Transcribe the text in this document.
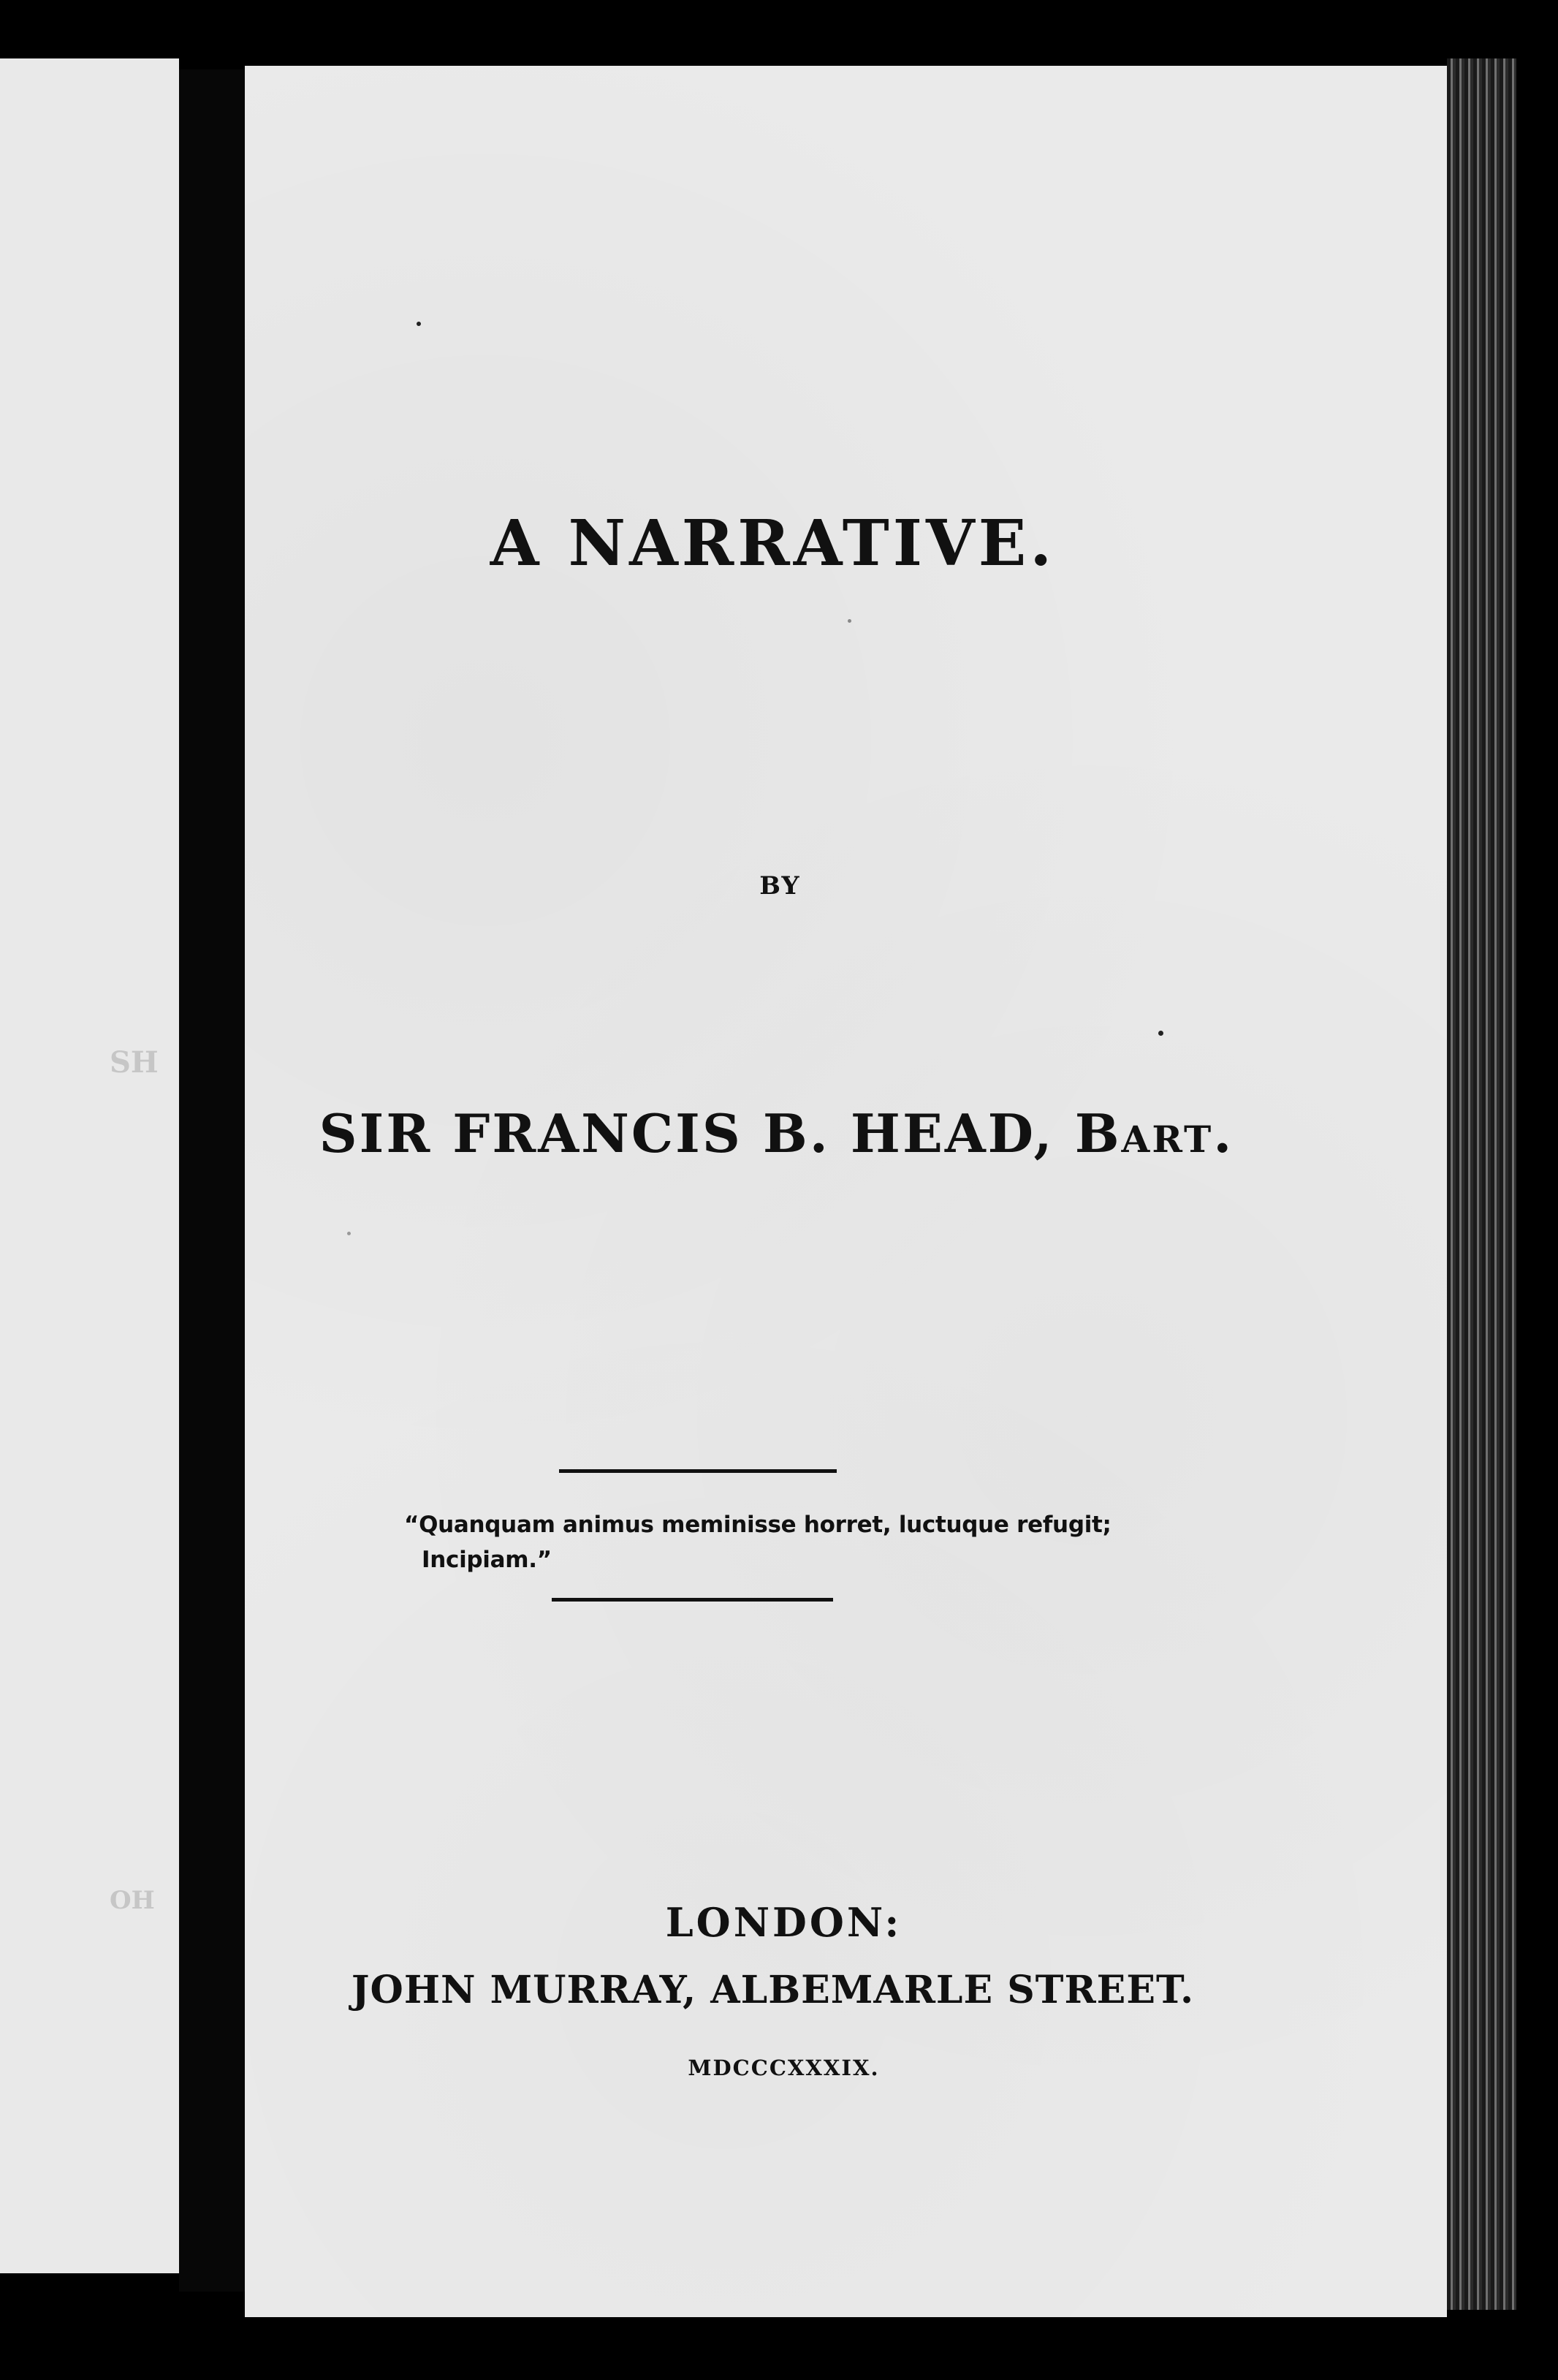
SH
OH
A NARRATIVE.
BY
SIR FRANCIS B. HEAD, Bart.
“Quanquam animus meminisse horret, luctuque refugit;
Incipiam.”
LONDON:
JOHN MURRAY, ALBEMARLE STREET.
MDCCCXXXIX.
